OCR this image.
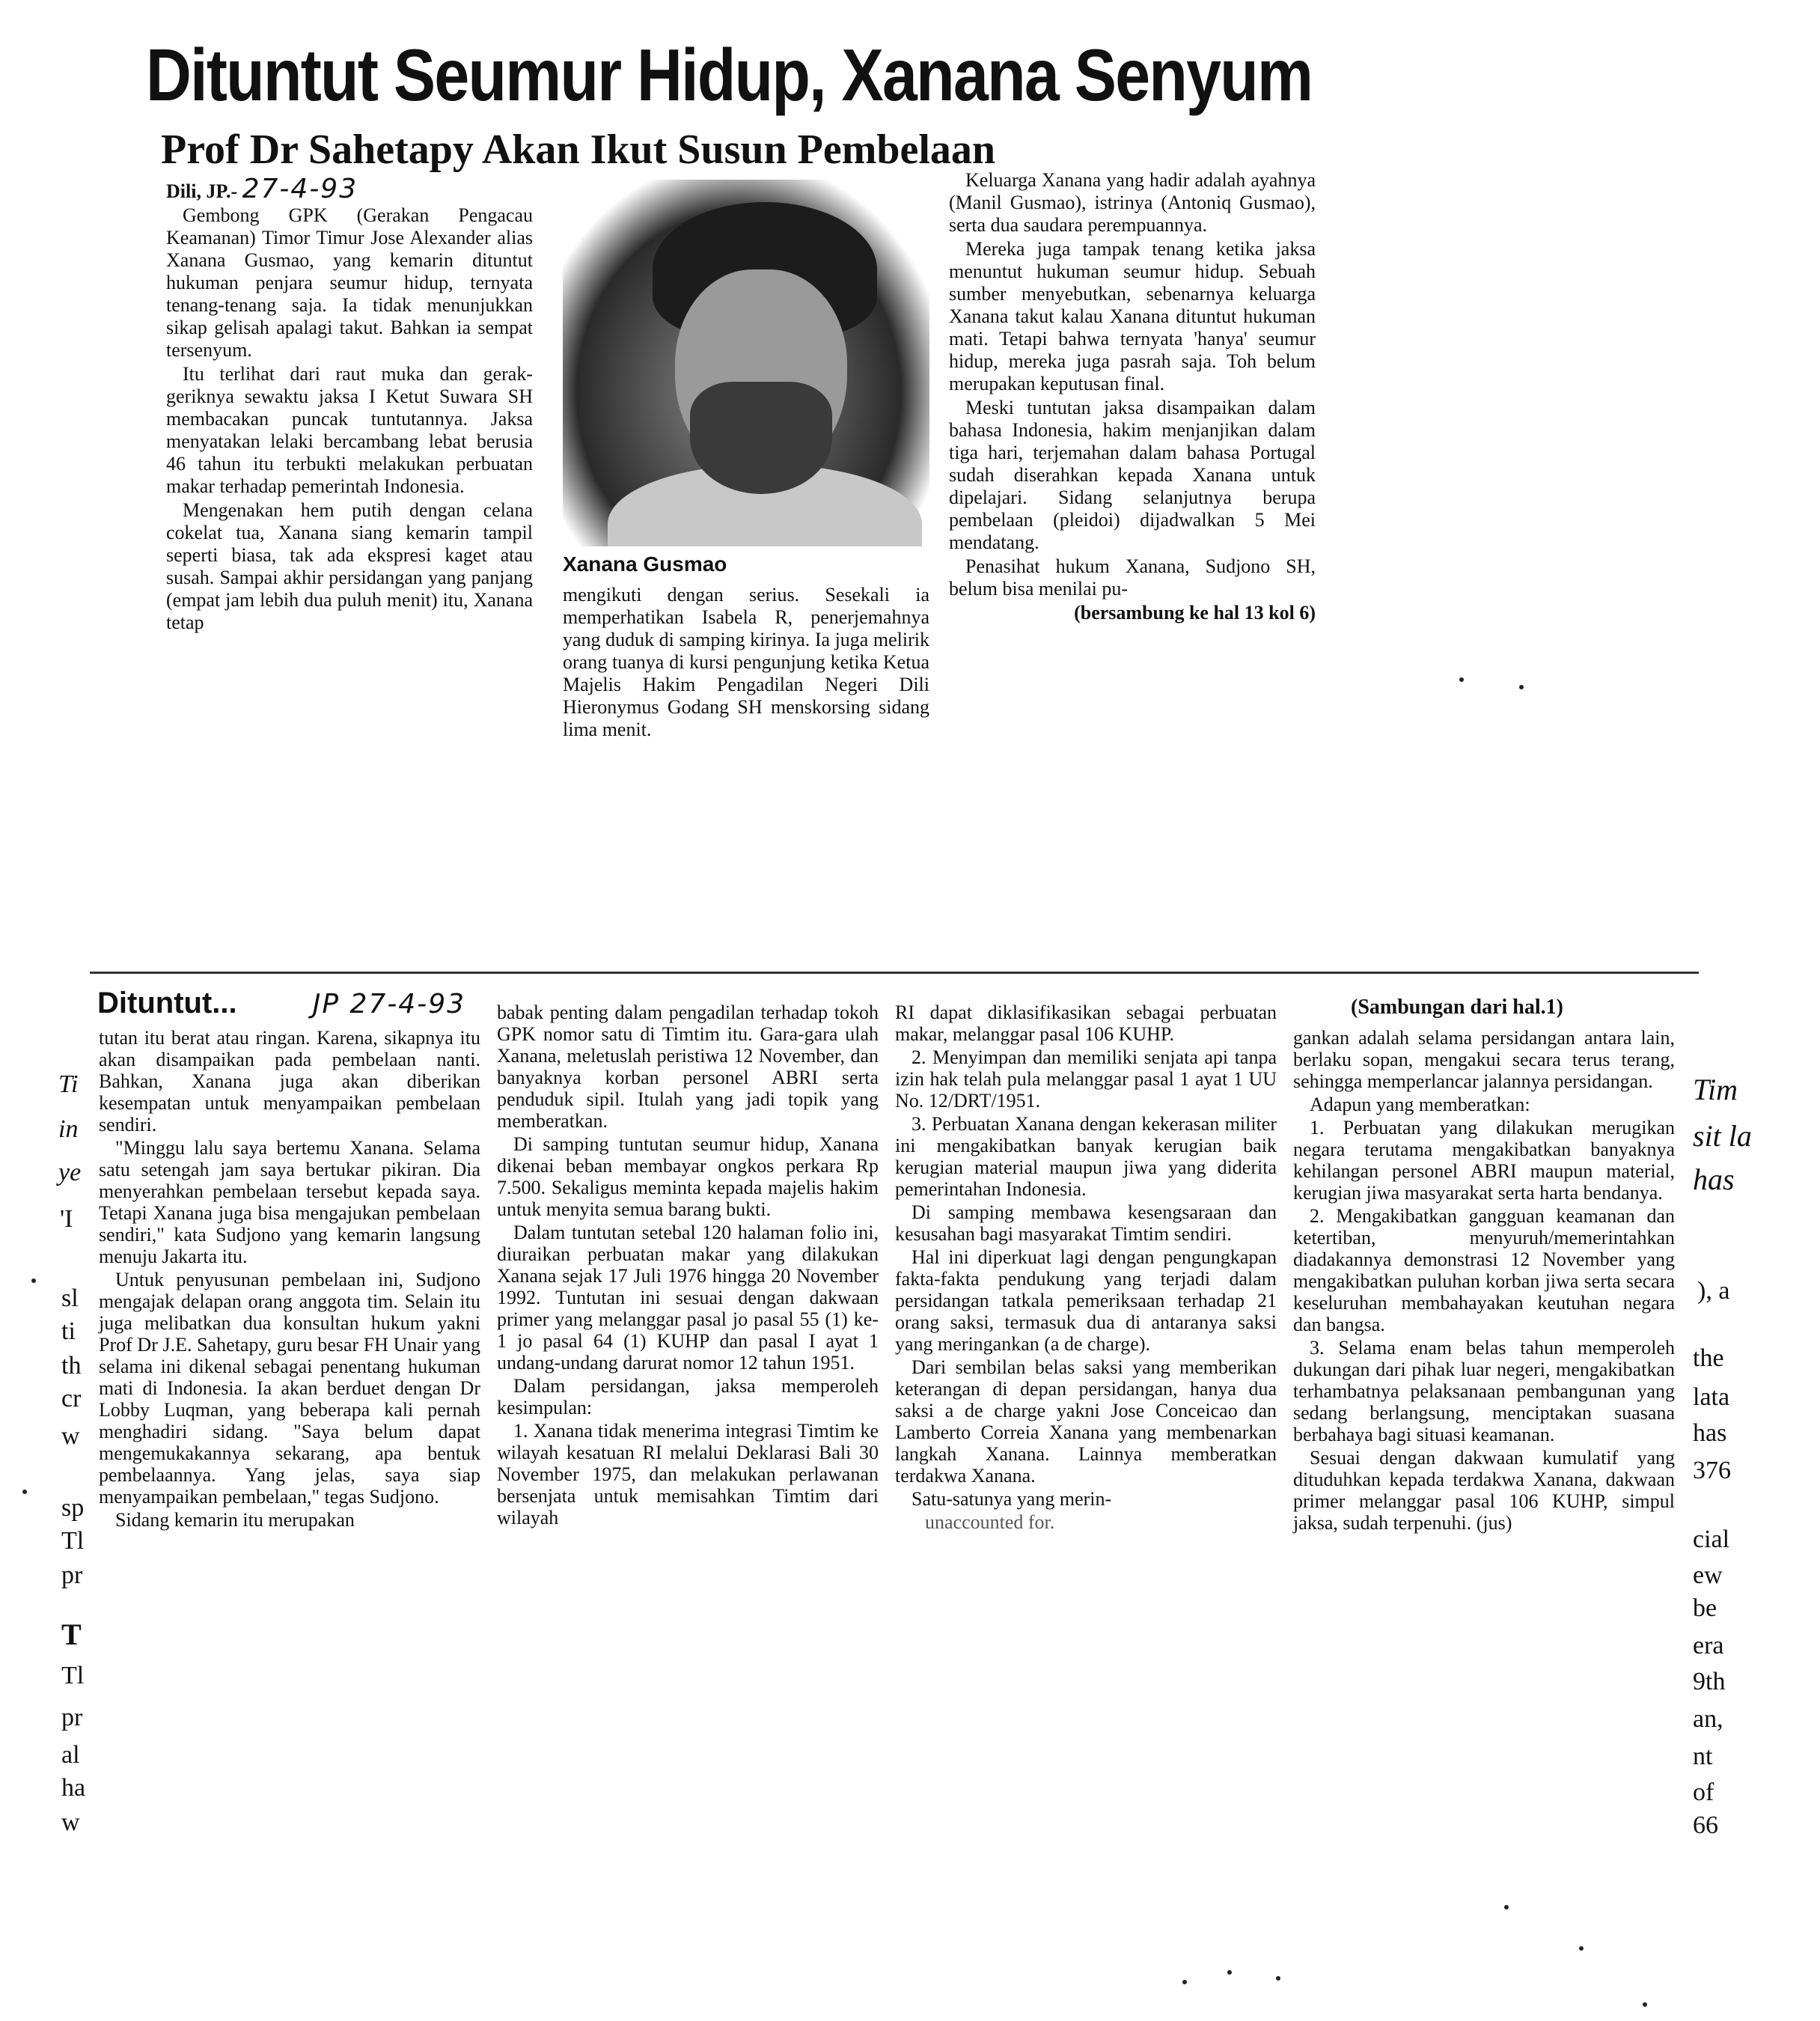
Dituntut Seumur Hidup, Xanana Senyum
Prof Dr Sahetapy Akan Ikut Susun Pembelaan

Dili, JP.- 27-4-93

Gembong GPK (Gerakan Pengacau Keamanan) Timor Timur Jose Alexander alias Xanana Gusmao, yang kemarin dituntut hukuman penjara seumur hidup, ternyata tenang-tenang saja. Ia tidak menunjukkan sikap gelisah apalagi takut. Bahkan ia sempat tersenyum.

Itu terlihat dari raut muka dan gerak-geriknya sewaktu jaksa I Ketut Suwara SH membacakan puncak tuntutannya. Jaksa menyatakan lelaki bercambang lebat berusia 46 tahun itu terbukti melakukan perbuatan makar terhadap pemerintah Indonesia.

Mengenakan hem putih dengan celana cokelat tua, Xanana siang kemarin tampil seperti biasa, tak ada ekspresi kaget atau susah. Sampai akhir persidangan yang panjang (empat jam lebih dua puluh menit) itu, Xanana tetap

Xanana Gusmao

mengikuti dengan serius. Sesekali ia memperhatikan Isabela R, penerjemahnya yang duduk di samping kirinya. Ia juga melirik orang tuanya di kursi pengunjung ketika Ketua Majelis Hakim Pengadilan Negeri Dili Hieronymus Godang SH menskorsing sidang lima menit.

Keluarga Xanana yang hadir adalah ayahnya (Manil Gusmao), istrinya (Antoniq Gusmao), serta dua saudara perempuannya.

Mereka juga tampak tenang ketika jaksa menuntut hukuman seumur hidup. Sebuah sumber menyebutkan, sebenarnya keluarga Xanana takut kalau Xanana dituntut hukuman mati. Tetapi bahwa ternyata 'hanya' seumur hidup, mereka juga pasrah saja. Toh belum merupakan keputusan final.

Meski tuntutan jaksa disampaikan dalam bahasa Indonesia, hakim menjanjikan dalam tiga hari, terjemahan dalam bahasa Portugal sudah diserahkan kepada Xanana untuk dipelajari. Sidang selanjutnya berupa pembelaan (pleidoi) dijadwalkan 5 Mei mendatang.

Penasihat hukum Xanana, Sudjono SH, belum bisa menilai pu-

(bersambung ke hal 13 kol 6)

Dituntut...	JP 27-4-93	(Sambungan dari hal.1)

tutan itu berat atau ringan. Karena, sikapnya itu akan disampaikan pada pembelaan nanti. Bahkan, Xanana juga akan diberikan kesempatan untuk menyampaikan pembelaan sendiri.

"Minggu lalu saya bertemu Xanana. Selama satu setengah jam saya bertukar pikiran. Dia menyerahkan pembelaan tersebut kepada saya. Tetapi Xanana juga bisa mengajukan pembelaan sendiri," kata Sudjono yang kemarin langsung menuju Jakarta itu.

Untuk penyusunan pembelaan ini, Sudjono mengajak delapan orang anggota tim. Selain itu juga melibatkan dua konsultan hukum yakni Prof Dr J.E. Sahetapy, guru besar FH Unair yang selama ini dikenal sebagai penentang hukuman mati di Indonesia. Ia akan berduet dengan Dr Lobby Luqman, yang beberapa kali pernah menghadiri sidang. "Saya belum dapat mengemukakannya sekarang, apa bentuk pembelaannya. Yang jelas, saya siap menyampaikan pembelaan," tegas Sudjono.

Sidang kemarin itu merupakan

babak penting dalam pengadilan terhadap tokoh GPK nomor satu di Timtim itu. Gara-gara ulah Xanana, meletuslah peristiwa 12 November, dan banyaknya korban personel ABRI serta penduduk sipil. Itulah yang jadi topik yang memberatkan.

Di samping tuntutan seumur hidup, Xanana dikenai beban membayar ongkos perkara Rp 7.500. Sekaligus meminta kepada majelis hakim untuk menyita semua barang bukti.

Dalam tuntutan setebal 120 halaman folio ini, diuraikan perbuatan makar yang dilakukan Xanana sejak 17 Juli 1976 hingga 20 November 1992. Tuntutan ini sesuai dengan dakwaan primer yang melanggar pasal jo pasal 55 (1) ke-1 jo pasal 64 (1) KUHP dan pasal I ayat 1 undang-undang darurat nomor 12 tahun 1951.

Dalam persidangan, jaksa memperoleh kesimpulan:

1. Xanana tidak menerima integrasi Timtim ke wilayah kesatuan RI melalui Deklarasi Bali 30 November 1975, dan melakukan perlawanan bersenjata untuk memisahkan Timtim dari wilayah

RI dapat diklasifikasikan sebagai perbuatan makar, melanggar pasal 106 KUHP.

2. Menyimpan dan memiliki senjata api tanpa izin hak telah pula melanggar pasal 1 ayat 1 UU No. 12/DRT/1951.

3. Perbuatan Xanana dengan kekerasan militer ini mengakibatkan banyak kerugian baik kerugian material maupun jiwa yang diderita pemerintahan Indonesia.

Di samping membawa kesengsaraan dan kesusahan bagi masyarakat Timtim sendiri.

Hal ini diperkuat lagi dengan pengungkapan fakta-fakta pendukung yang terjadi dalam persidangan tatkala pemeriksaan terhadap 21 orang saksi, termasuk dua di antaranya saksi yang meringankan (a de charge).

Dari sembilan belas saksi yang memberikan keterangan di depan persidangan, hanya dua saksi a de charge yakni Jose Conceicao dan Lamberto Correia Xanana yang membenarkan langkah Xanana. Lainnya memberatkan terdakwa Xanana.

Satu-satunya yang merin-

unaccounted for.

gankan adalah selama persidangan antara lain, berlaku sopan, mengakui secara terus terang, sehingga memperlancar jalannya persidangan.

Adapun yang memberatkan:

1. Perbuatan yang dilakukan merugikan negara terutama mengakibatkan banyaknya kehilangan personel ABRI maupun material, kerugian jiwa masyarakat serta harta bendanya.

2. Mengakibatkan gangguan keamanan dan ketertiban, menyuruh/memerintahkan diadakannya demonstrasi 12 November yang mengakibatkan puluhan korban jiwa serta secara keseluruhan membahayakan keutuhan negara dan bangsa.

3. Selama enam belas tahun memperoleh dukungan dari pihak luar negeri, mengakibatkan terhambatnya pelaksanaan pembangunan yang sedang berlangsung, menciptakan suasana berbahaya bagi situasi keamanan.

Sesuai dengan dakwaan kumulatif yang dituduhkan kepada terdakwa Xanana, dakwaan primer melanggar pasal 106 KUHP, simpul jaksa, sudah terpenuhi. (jus)

Ti
in
ye
'I
sl
ti
th
cr
w
sp
Tl
pr
T
Tl
pr
al
ha
w
Tim
sit la
has
), a
the
lata
has
376
cial
ew
be
era
9th
an,
nt
of
66
